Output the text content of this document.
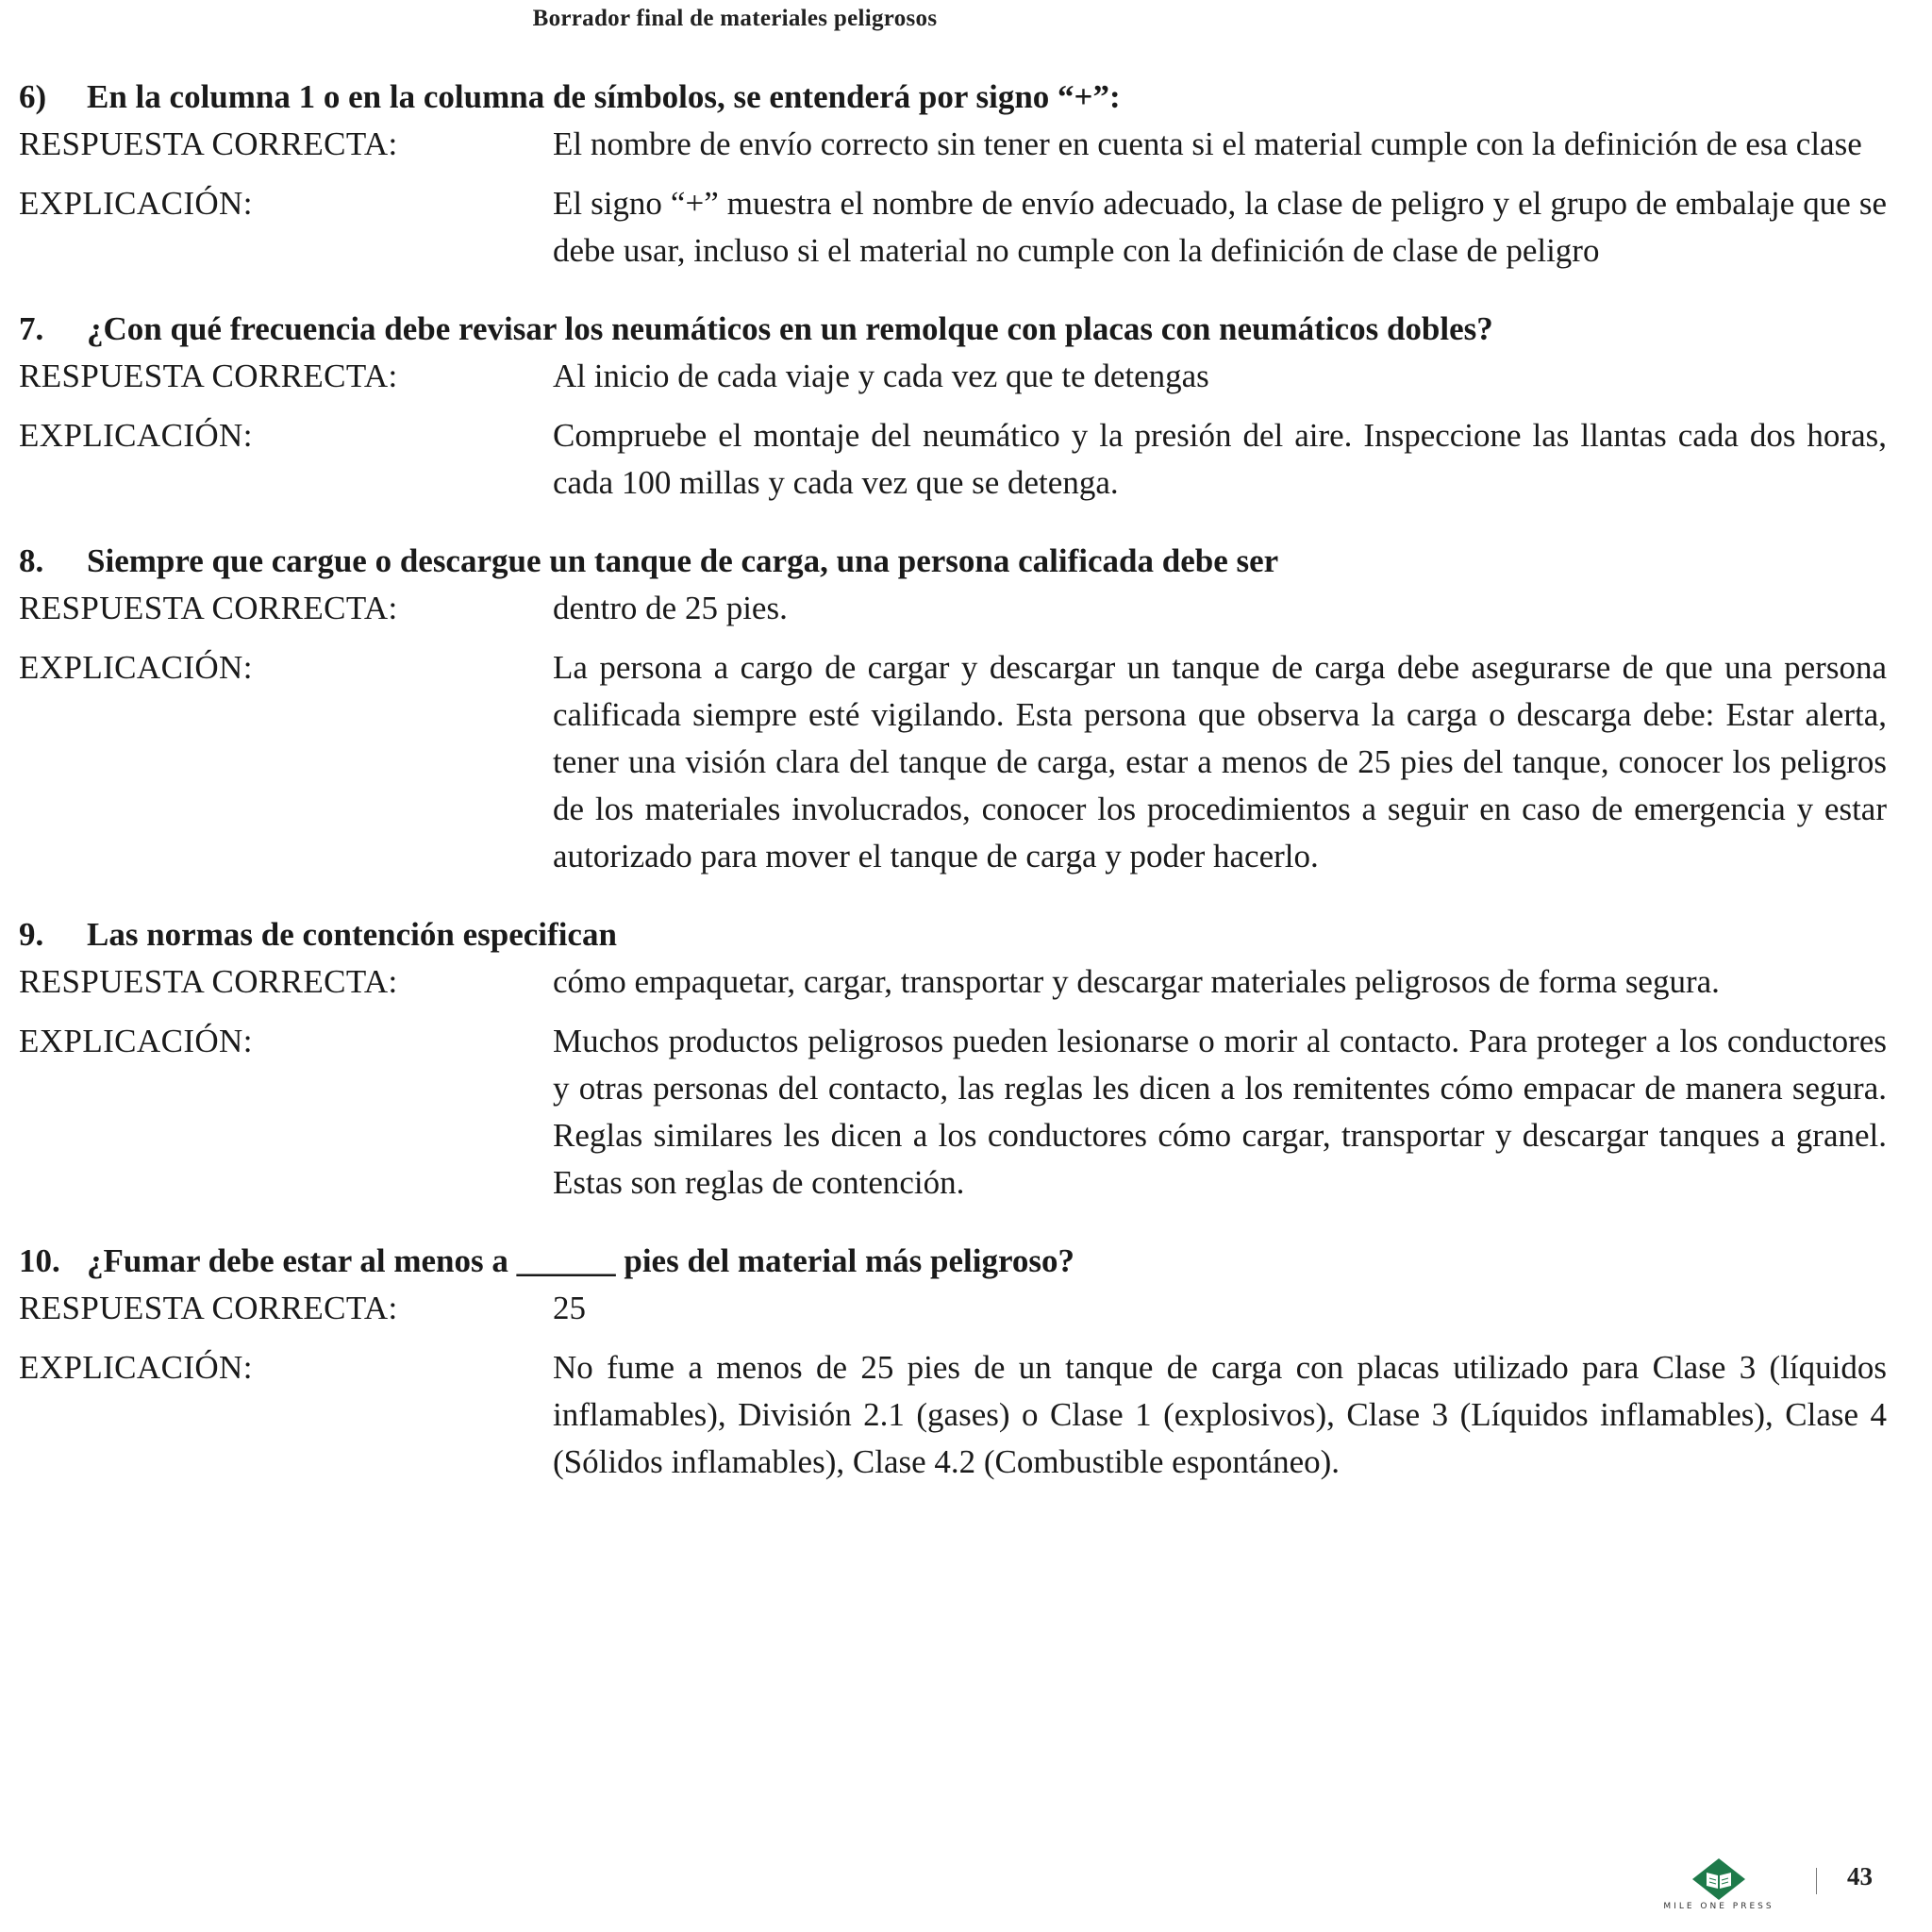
Borrador final de materiales peligrosos
6)	En la columna 1 o en la columna de símbolos, se entenderá por signo “+”:
RESPUESTA CORRECTA:	El nombre de envío correcto sin tener en cuenta si el material cumple con la definición de esa clase
EXPLICACIÓN:	El signo “+” muestra el nombre de envío adecuado, la clase de peligro y el grupo de embalaje que se debe usar, incluso si el material no cumple con la definición de clase de peligro
7.	¿Con qué frecuencia debe revisar los neumáticos en un remolque con placas con neumáticos dobles?
RESPUESTA CORRECTA:	Al inicio de cada viaje y cada vez que te detengas
EXPLICACIÓN:	Compruebe el montaje del neumático y la presión del aire. Inspeccione las llantas cada dos horas, cada 100 millas y cada vez que se detenga.
8.	Siempre que cargue o descargue un tanque de carga, una persona calificada debe ser
RESPUESTA CORRECTA:	dentro de 25 pies.
EXPLICACIÓN:	La persona a cargo de cargar y descargar un tanque de carga debe asegurarse de que una persona calificada siempre esté vigilando. Esta persona que observa la carga o descarga debe: Estar alerta, tener una visión clara del tanque de carga, estar a menos de 25 pies del tanque, conocer los peligros de los materiales involucrados, conocer los procedimientos a seguir en caso de emergencia y estar autorizado para mover el tanque de carga y poder hacerlo.
9.	Las normas de contención especifican
RESPUESTA CORRECTA:	cómo empaquetar, cargar, transportar y descargar materiales peligrosos de forma segura.
EXPLICACIÓN:	Muchos productos peligrosos pueden lesionarse o morir al contacto. Para proteger a los conductores y otras personas del contacto, las reglas les dicen a los remitentes cómo empacar de manera segura. Reglas similares les dicen a los conductores cómo cargar, transportar y descargar tanques a granel. Estas son reglas de contención.
10. ¿Fumar debe estar al menos a ______ pies del material más peligroso?
RESPUESTA CORRECTA:	25
EXPLICACIÓN:	No fume a menos de 25 pies de un tanque de carga con placas utilizado para Clase 3 (líquidos inflamables), División 2.1 (gases) o Clase 1 (explosivos), Clase 3 (Líquidos inflamables), Clase 4 (Sólidos inflamables), Clase 4.2 (Combustible espontáneo).
MILE ONE PRESS
43
